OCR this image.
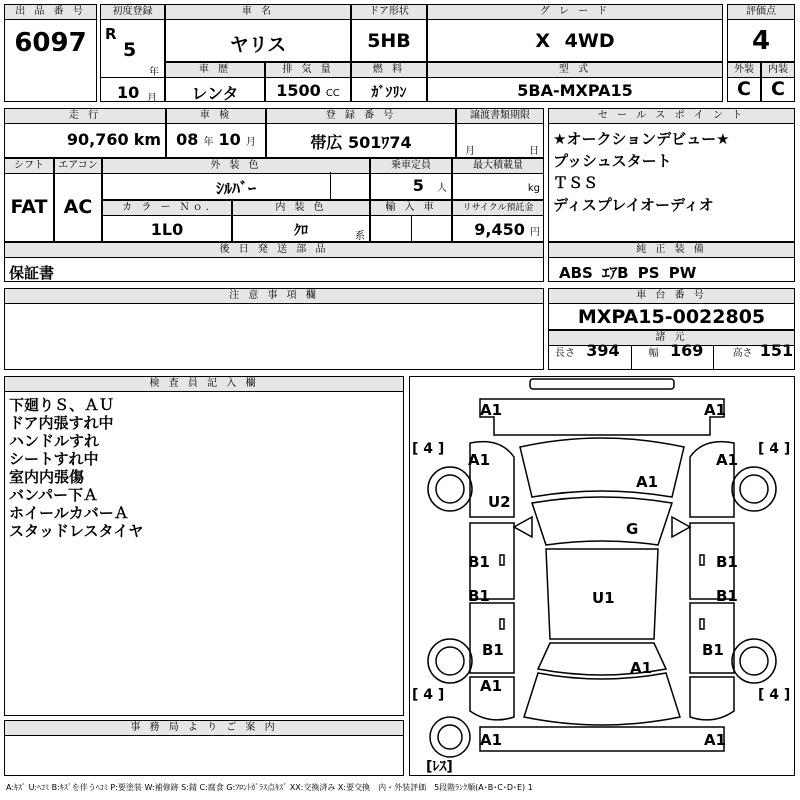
出 品 番 号
6097
初度登録
R
5
年
10 月
車 名
ヤリス
ドア形状
5HB
グ レ ー ド
X 4WD
評価点
4
車 歴
レンタ
排 気 量
1500 CC
燃 料
ｶﾞｿﾘﾝ
型 式
5BA-MXPA15
外装
C
内装
C
走 行
90,760 km
車 検
08 年 10 月
登 録 番 号
帯広 501ﾜ74
譲渡書類期限
月	日
シフト
FAT
エアコン
AC
外 装 色
ｼﾙﾊﾞｰ
乗車定員
5 人
最大積載量
kg
カ ラ ー Ｎｏ.
1L0
内 装 色
ｸﾛ	系
輸 入 車	リサイクル預託金
9,450 円
セ ー ル ス ポ イ ン ト
★オークションデビュー★
プッシュスタート
ＴＳＳ
ディスプレイオーディオ
後 日 発 送 部 品
保証書
純 正 装 備
ABS ｴｱB PS PW
注 意 事 項 欄	車 台 番 号
MXPA15-0022805
諸 元
長さ 394	幅 169	高さ 151
検 査 員 記 入 欄
下廻りＳ、ＡＵ
ドア内張すれ中
ハンドルすれ
シートすれ中
室内内張傷
バンパー下Ａ
ホイールカバーＡ
スタッドレスタイヤ
事 務 局 よ り ご 案 内
A1	A1
A1	A1
A1
U2
G
B1	B1
B1	B1
U1
B1	B1
A1
A1
A1	A1
[ 4 ]	[ 4 ]
[ 4 ]	[ 4 ]
[ﾚｽ]
A:ｷｽﾞ U:ﾍｺﾐ B:ｷｽﾞを伴うﾍｺﾐ P:要塗装 W:補修跡 S:錆 C:腐食 G:ﾌﾛﾝﾄｶﾞﾗｽ点ｷｽﾞ XX:交換済み X:要交換　内・外装評価　5段階ﾗﾝｸ順(A･B･C･D･E) 1
